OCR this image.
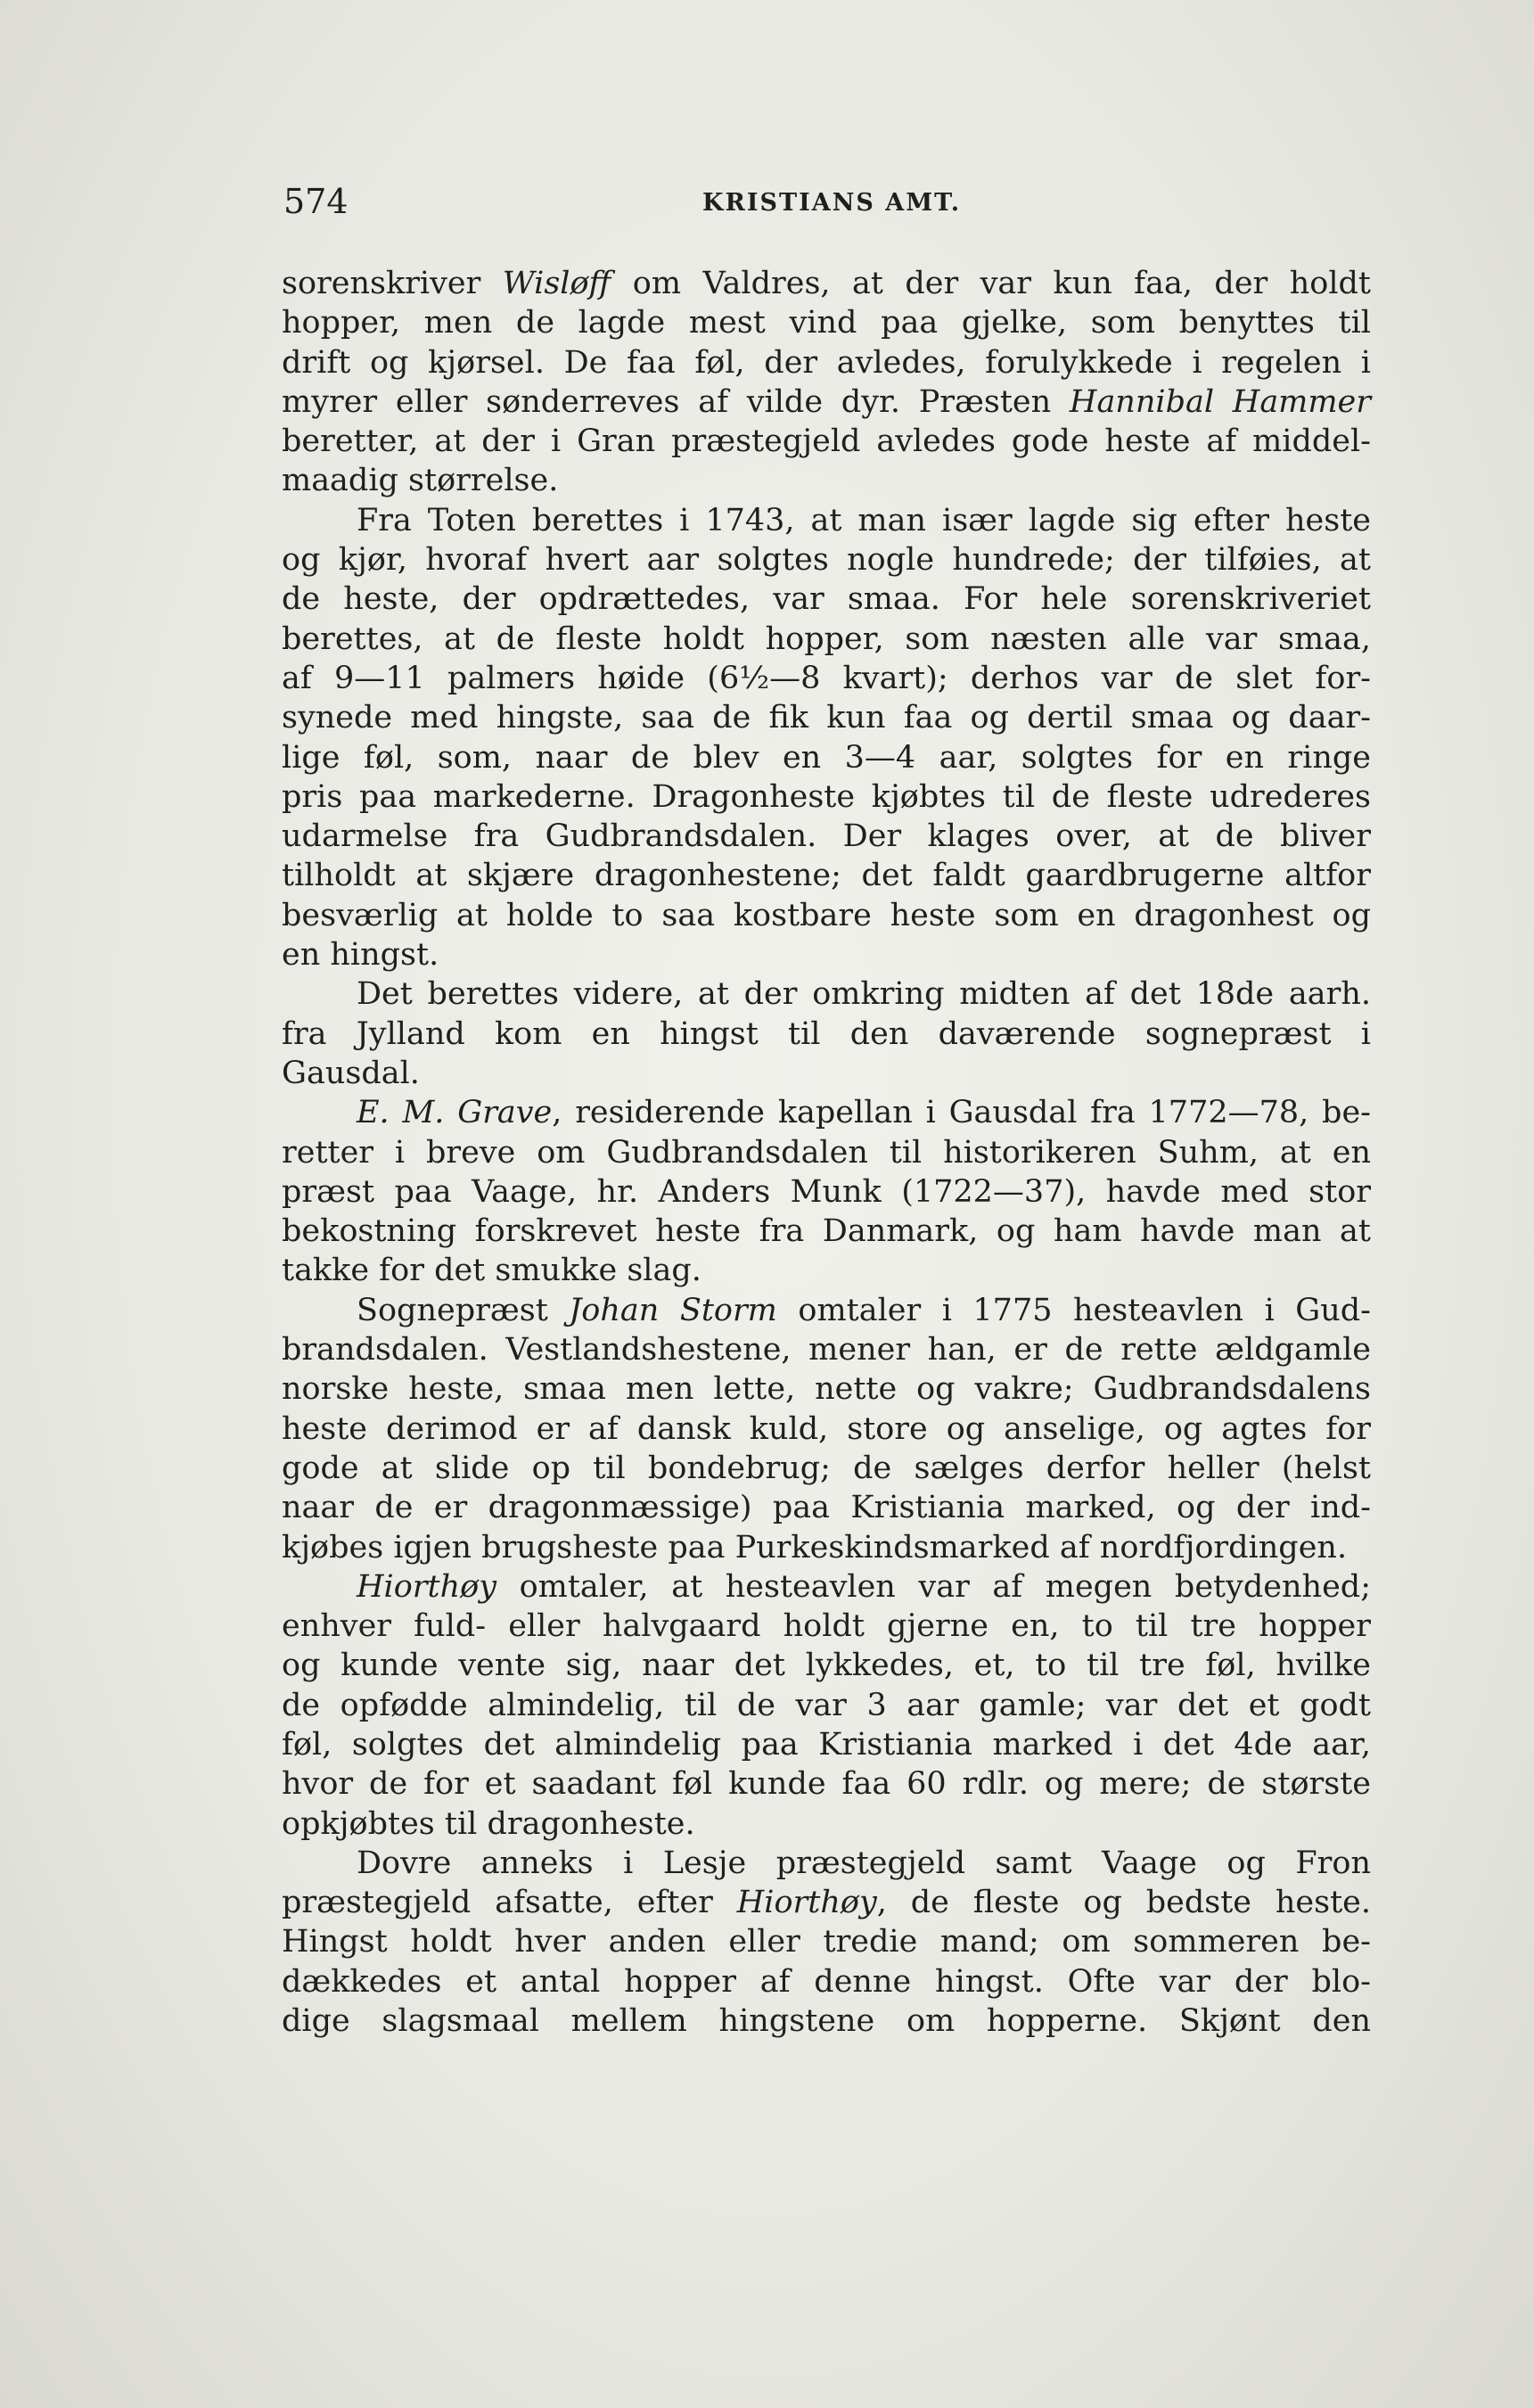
574	KRISTIANS AMT.
sorenskriver Wisløff om Valdres, at der var kun faa, der holdt
hopper, men de lagde mest vind paa gjelke, som benyttes til
drift og kjørsel. De faa føl, der avledes, forulykkede i regelen i
myrer eller sønderreves af vilde dyr. Præsten Hannibal Hammer
beretter, at der i Gran præstegjeld avledes gode heste af middel-
maadig størrelse.
Fra Toten berettes i 1743, at man især lagde sig efter heste
og kjør, hvoraf hvert aar solgtes nogle hundrede; der tilføies, at
de heste, der opdrættedes, var smaa. For hele sorenskriveriet
berettes, at de fleste holdt hopper, som næsten alle var smaa,
af 9—11 palmers høide (6½—8 kvart); derhos var de slet for-
synede med hingste, saa de fik kun faa og dertil smaa og daar-
lige føl, som, naar de blev en 3—4 aar, solgtes for en ringe
pris paa markederne. Dragonheste kjøbtes til de fleste udrederes
udarmelse fra Gudbrandsdalen. Der klages over, at de bliver
tilholdt at skjære dragonhestene; det faldt gaardbrugerne altfor
besværlig at holde to saa kostbare heste som en dragonhest og
en hingst.
Det berettes videre, at der omkring midten af det 18de aarh.
fra Jylland kom en hingst til den daværende sognepræst i
Gausdal.
E. M. Grave, residerende kapellan i Gausdal fra 1772—78, be-
retter i breve om Gudbrandsdalen til historikeren Suhm, at en
præst paa Vaage, hr. Anders Munk (1722—37), havde med stor
bekostning forskrevet heste fra Danmark, og ham havde man at
takke for det smukke slag.
Sognepræst Johan Storm omtaler i 1775 hesteavlen i Gud-
brandsdalen. Vestlandshestene, mener han, er de rette ældgamle
norske heste, smaa men lette, nette og vakre; Gudbrandsdalens
heste derimod er af dansk kuld, store og anselige, og agtes for
gode at slide op til bondebrug; de sælges derfor heller (helst
naar de er dragonmæssige) paa Kristiania marked, og der ind-
kjøbes igjen brugsheste paa Purkeskindsmarked af nordfjordingen.
Hiorthøy omtaler, at hesteavlen var af megen betydenhed;
enhver fuld- eller halvgaard holdt gjerne en, to til tre hopper
og kunde vente sig, naar det lykkedes, et, to til tre føl, hvilke
de opfødde almindelig, til de var 3 aar gamle; var det et godt
føl, solgtes det almindelig paa Kristiania marked i det 4de aar,
hvor de for et saadant føl kunde faa 60 rdlr. og mere; de største
opkjøbtes til dragonheste.
Dovre anneks i Lesje præstegjeld samt Vaage og Fron
præstegjeld afsatte, efter Hiorthøy, de fleste og bedste heste.
Hingst holdt hver anden eller tredie mand; om sommeren be-
dækkedes et antal hopper af denne hingst. Ofte var der blo-
dige slagsmaal mellem hingstene om hopperne. Skjønt den
